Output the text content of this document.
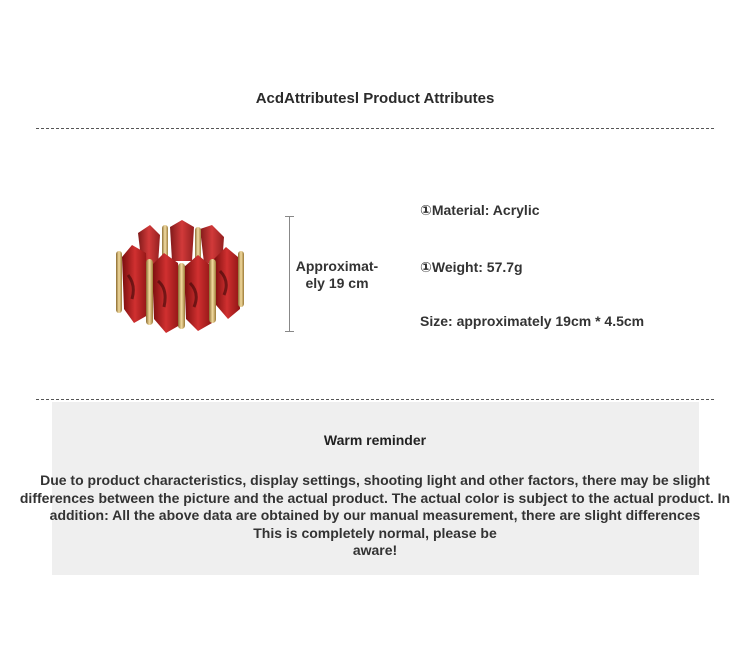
AcdAttributesl Product Attributes
Approximat-
ely 19 cm
①Material: Acrylic
①Weight: 57.7g
Size: approximately 19cm * 4.5cm
Warm reminder
Due to product characteristics, display settings, shooting light and other factors, there may be slight
differences between the picture and the actual product. The actual color is subject to the actual product. In
addition: All the above data are obtained by our manual measurement, there are slight differences
This is completely normal, please be
aware!
